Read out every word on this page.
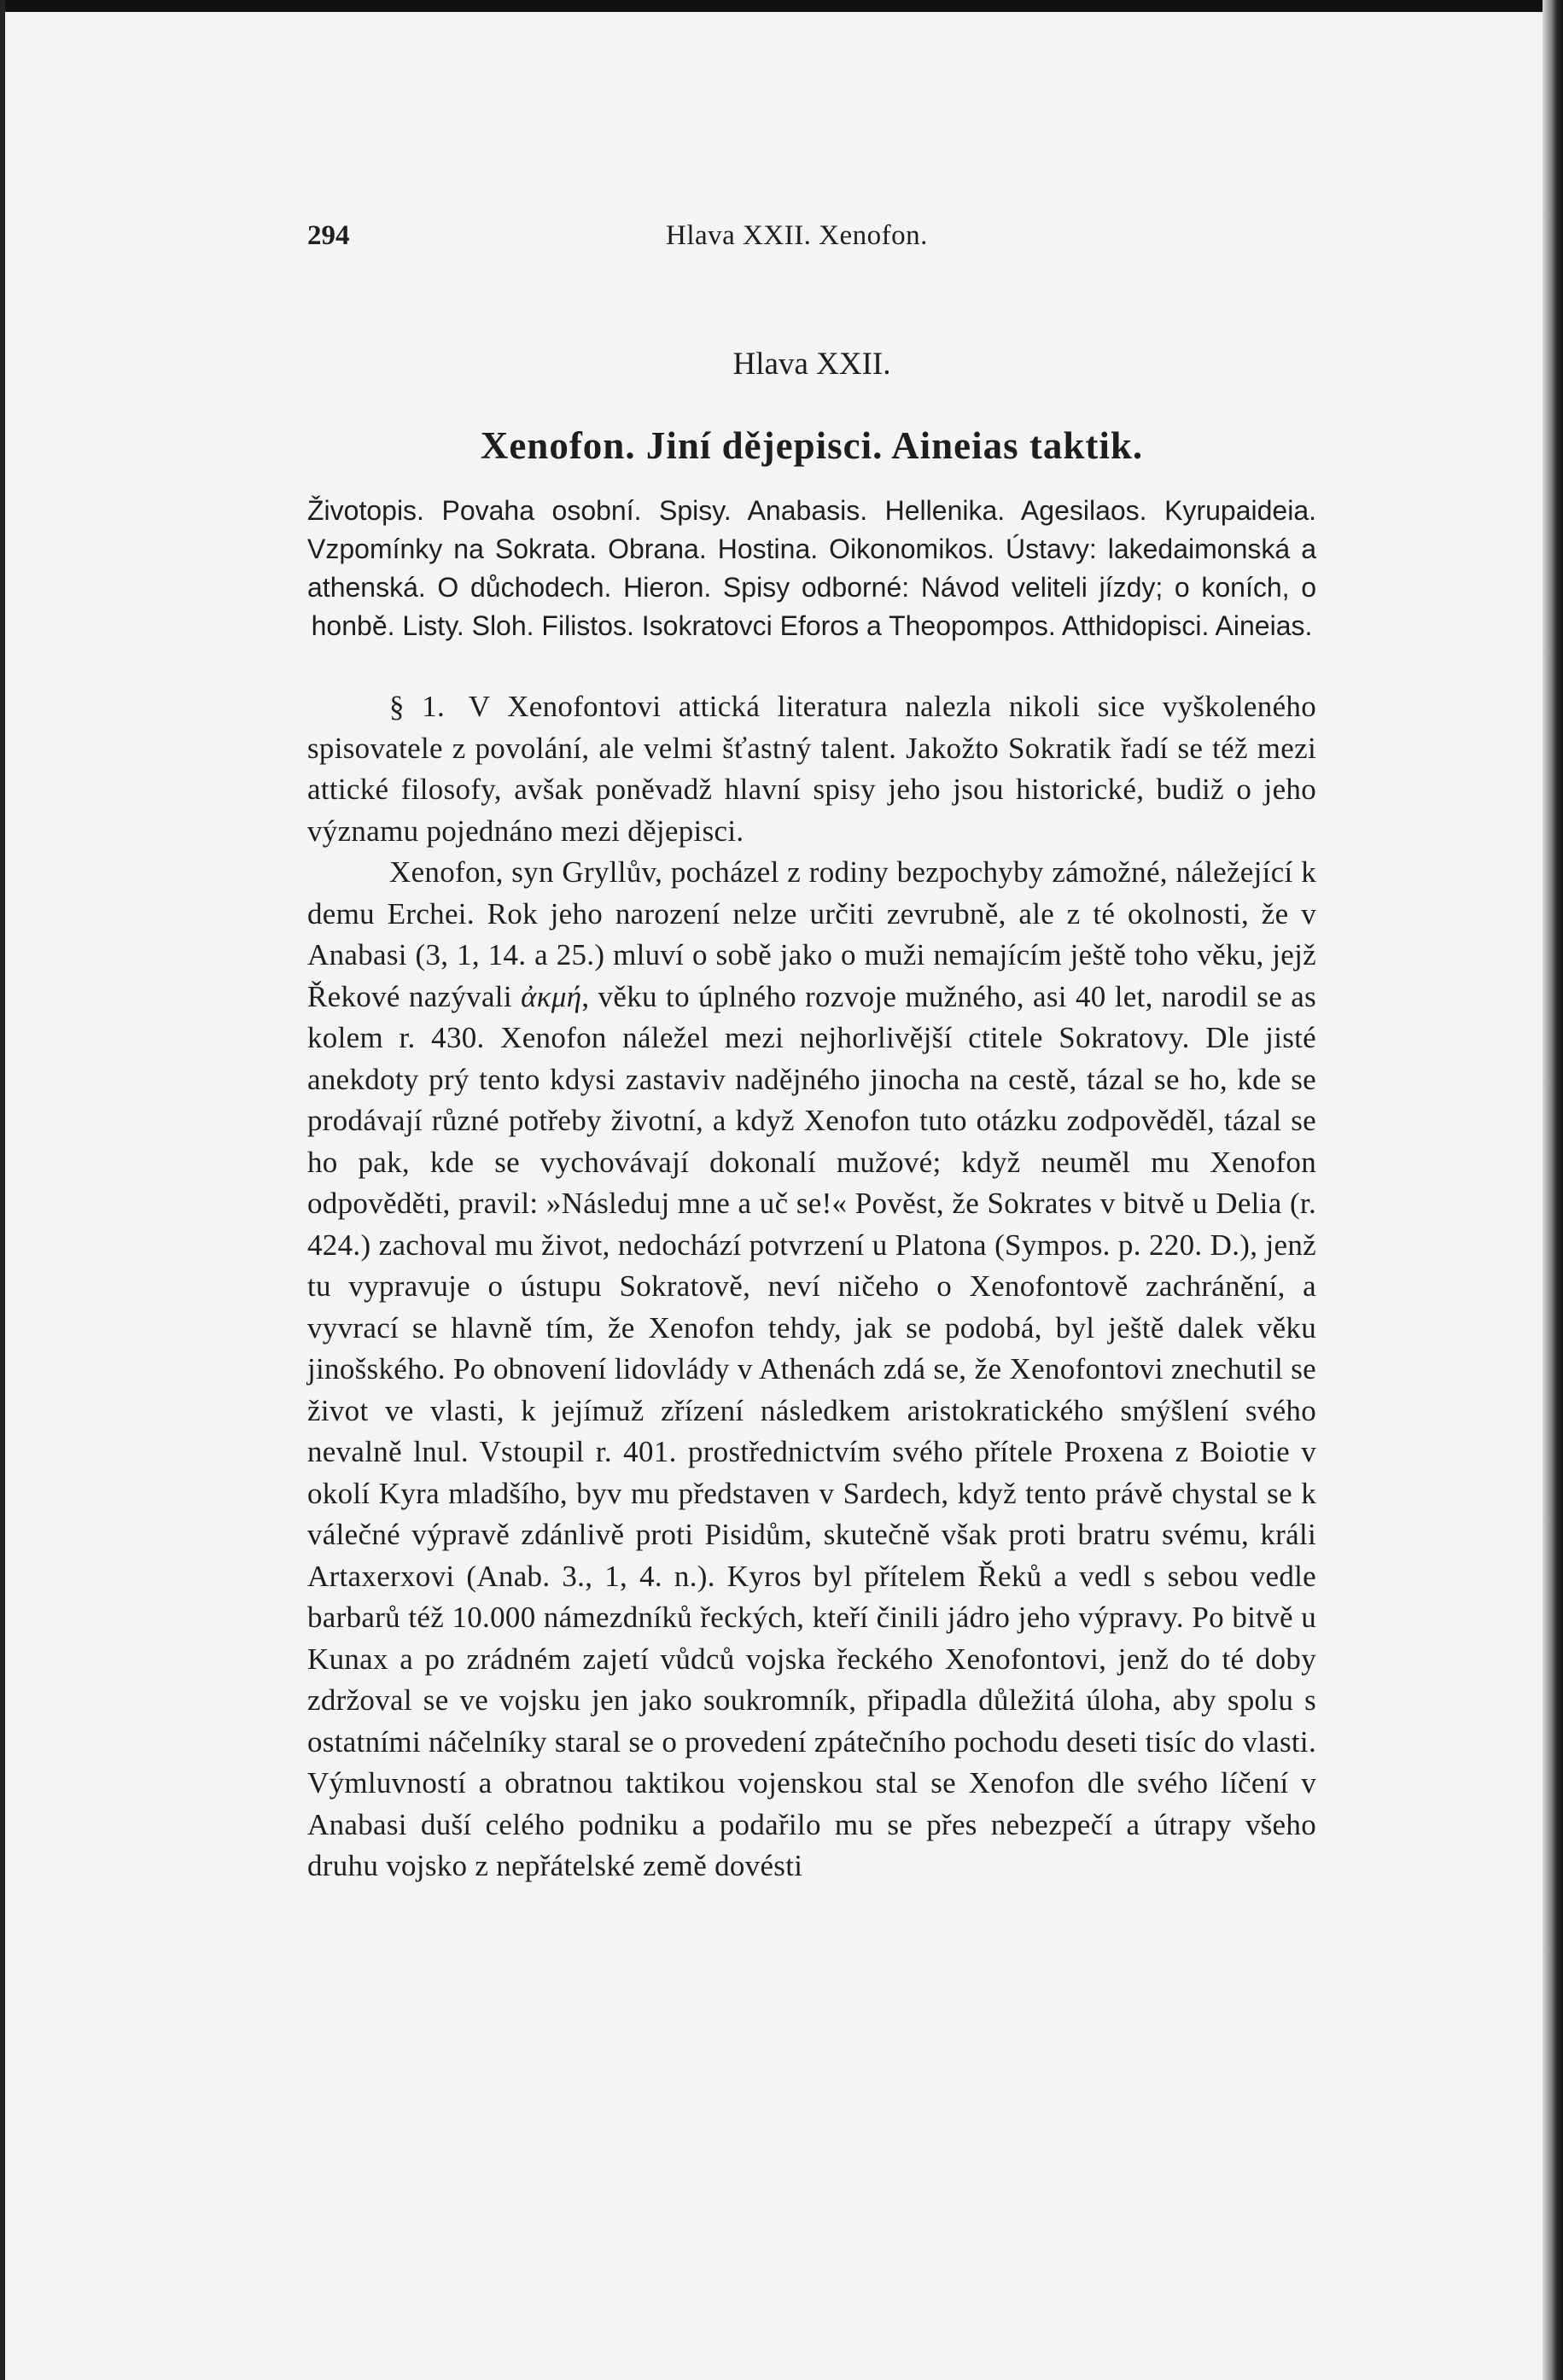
294	Hlava XXII. Xenofon.
Hlava XXII.
Xenofon. Jiní dějepisci. Aineias taktik.
Životopis. Povaha osobní. Spisy. Anabasis. Hellenika. Agesilaos. Kyrupaideia. Vzpomínky na Sokrata. Obrana. Hostina. Oikonomikos. Ústavy: lakedaimonská a athenská. O důchodech. Hieron. Spisy odborné: Návod veliteli jízdy; o koních, o honbě. Listy. Sloh. Filistos. Isokratovci Eforos a Theopompos. Atthidopisci. Aineias.

§ 1. V Xenofontovi attická literatura nalezla nikoli sice vyškoleného spisovatele z povolání, ale velmi šťastný talent. Jakožto Sokratik řadí se též mezi attické filosofy, avšak poněvadž hlavní spisy jeho jsou historické, budiž o jeho významu pojednáno mezi dějepisci.

Xenofon, syn Gryllův, pocházel z rodiny bezpochyby zámožné, náležející k demu Erchei. Rok jeho narození nelze určiti zevrubně, ale z té okolnosti, že v Anabasi (3, 1, 14. a 25.) mluví o sobě jako o muži nemajícím ještě toho věku, jejž Řekové nazývali ἀκμή, věku to úplného rozvoje mužného, asi 40 let, narodil se as kolem r. 430. Xenofon náležel mezi nejhorlivější ctitele Sokratovy. Dle jisté anekdoty prý tento kdysi zastaviv nadějného jinocha na cestě, tázal se ho, kde se prodávají různé potřeby životní, a když Xenofon tuto otázku zodpověděl, tázal se ho pak, kde se vychovávají dokonalí mužové; když neuměl mu Xenofon odpověděti, pravil: »Následuj mne a uč se!« Pověst, že Sokrates v bitvě u Delia (r. 424.) zachoval mu život, nedochází potvrzení u Platona (Sympos. p. 220. D.), jenž tu vypravuje o ústupu Sokratově, neví ničeho o Xenofontově zachránění, a vyvrací se hlavně tím, že Xenofon tehdy, jak se podobá, byl ještě dalek věku jinošského. Po obnovení lidovlády v Athenách zdá se, že Xenofontovi znechutil se život ve vlasti, k jejímuž zřízení následkem aristokratického smýšlení svého nevalně lnul. Vstoupil r. 401. prostřednictvím svého přítele Proxena z Boiotie v okolí Kyra mladšího, byv mu představen v Sardech, když tento právě chystal se k válečné výpravě zdánlivě proti Pisidům, skutečně však proti bratru svému, králi Artaxerxovi (Anab. 3., 1, 4. n.). Kyros byl přítelem Řeků a vedl s sebou vedle barbarů též 10.000 námezdníků řeckých, kteří činili jádro jeho výpravy. Po bitvě u Kunax a po zrádném zajetí vůdců vojska řeckého Xenofontovi, jenž do té doby zdržoval se ve vojsku jen jako soukromník, připadla důležitá úloha, aby spolu s ostatními náčelníky staral se o provedení zpátečního pochodu deseti tisíc do vlasti. Výmluvností a obratnou taktikou vojenskou stal se Xenofon dle svého líčení v Anabasi duší celého podniku a podařilo mu se přes nebezpečí a útrapy všeho druhu vojsko z nepřátelské země dovésti
